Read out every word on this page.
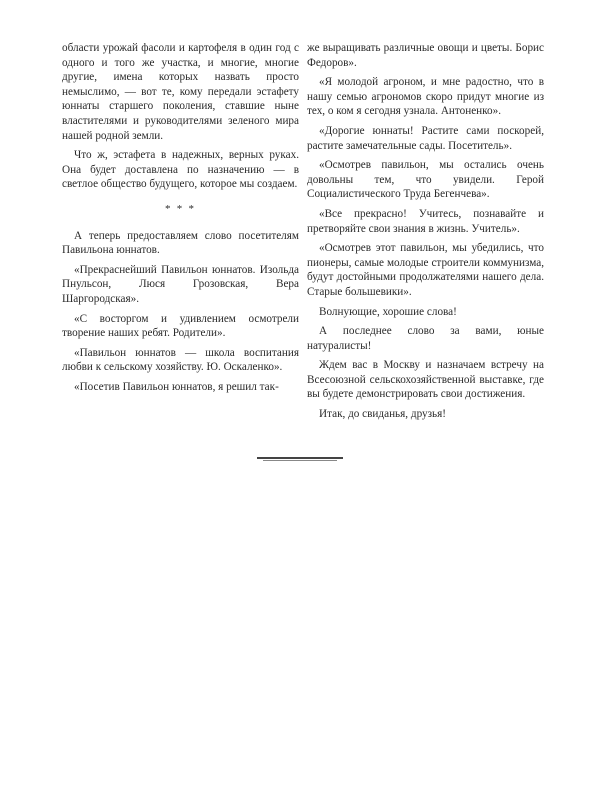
области урожай фасоли и картофеля в один год с одного и того же участка, и многие, многие другие, имена которых назвать просто немыслимо, — вот те, кому передали эстафету юннаты старшего поколения, ставшие ныне властителями и руководителями зеленого мира нашей родной земли.

Что ж, эстафета в надежных, верных руках. Она будет доставлена по назначению — в светлое общество будущего, которое мы создаем.

* * *

А теперь предоставляем слово посетителям Павильона юннатов.

«Прекраснейший Павильон юннатов. Изольда Пнульсон, Люся Грозовская, Вера Шаргородская».

«С восторгом и удивлением осмотрели творение наших ребят. Родители».

«Павильон юннатов — школа воспитания любви к сельскому хозяйству. Ю. Оскаленко».

«Посетив Павильон юннатов, я решил так-

же выращивать различные овощи и цветы. Борис Федоров».

«Я молодой агроном, и мне радостно, что в нашу семью агрономов скоро придут многие из тех, о ком я сегодня узнала. Антоненко».

«Дорогие юннаты! Растите сами поскорей, растите замечательные сады. Посетитель».

«Осмотрев павильон, мы остались очень довольны тем, что увидели. Герой Социалистического Труда Бегенчева».

«Все прекрасно! Учитесь, познавайте и претворяйте свои знания в жизнь. Учитель».

«Осмотрев этот павильон, мы убедились, что пионеры, самые молодые строители коммунизма, будут достойными продолжателями нашего дела. Старые большевики».

Волнующие, хорошие слова!

А последнее слово за вами, юные натуралисты!

Ждем вас в Москву и назначаем встречу на Всесоюзной сельскохозяйственной выставке, где вы будете демонстрировать свои достижения.

Итак, до свиданья, друзья!
